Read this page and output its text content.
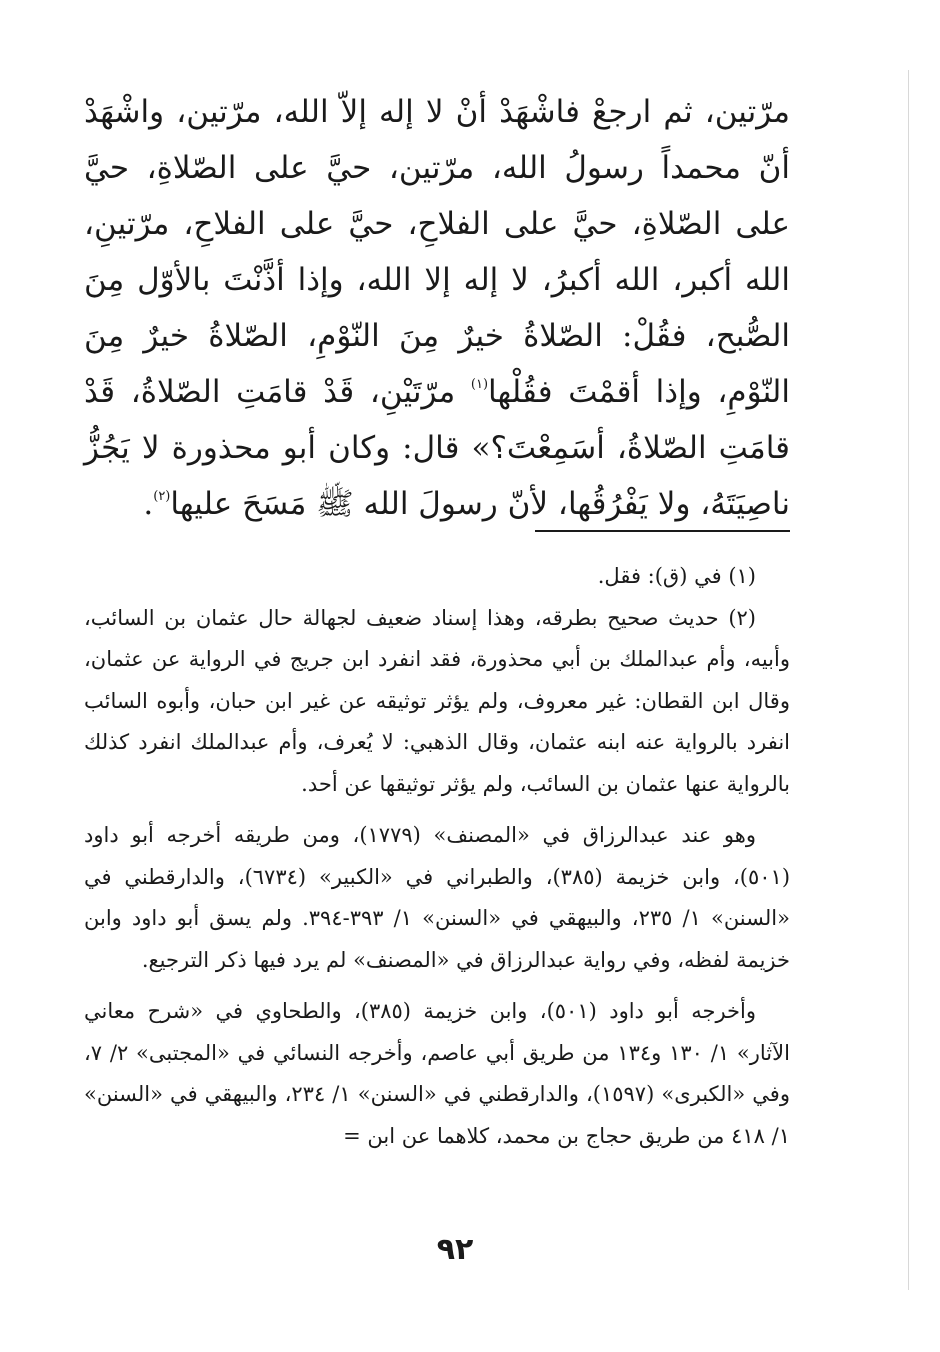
مرّتين، ثم ارجعْ فاشْهَدْ أنْ لا إله إلاّ الله، مرّتين، واشْهَدْ أنّ محمداً رسولُ الله، مرّتين، حيَّ على الصّلاةِ، حيَّ على الصّلاةِ، حيَّ على الفلاحِ، حيَّ على الفلاحِ، مرّتينِ، الله أكبر، الله أكبرُ، لا إله إلا الله، وإذا أذَّنْتَ بالأوّل مِنَ الصُّبح، فقُلْ: الصّلاةُ خيرٌ مِنَ النّوْمِ، الصّلاةُ خيرٌ مِنَ النّوْمِ، وإذا أقمْتَ فقُلْها$^{(١)}$ مرّتَيْنِ، قَدْ قامَتِ الصّلاةُ، قَدْ قامَتِ الصّلاةُ، أسَمِعْتَ؟» قال: وكان أبو محذورة لا يَجُزُّ ناصِيَتَهُ، ولا يَفْرُقُها، لأنّ رسولَ الله ﷺ مَسَحَ عليها$^{(٢)}$.

(١) في (ق): فقل.

(٢) حديث صحيح بطرقه، وهذا إسناد ضعيف لجهالة حال عثمان بن السائب، وأبيه، وأم عبدالملك بن أبي محذورة، فقد انفرد ابن جريج في الرواية عن عثمان، وقال ابن القطان: غير معروف، ولم يؤثر توثيقه عن غير ابن حبان، وأبوه السائب انفرد بالرواية عنه ابنه عثمان، وقال الذهبي: لا يُعرف، وأم عبدالملك انفرد كذلك بالرواية عنها عثمان بن السائب، ولم يؤثر توثيقها عن أحد.

وهو عند عبدالرزاق في «المصنف» (١٧٧٩)، ومن طريقه أخرجه أبو داود (٥٠١)، وابن خزيمة (٣٨٥)، والطبراني في «الكبير» (٦٧٣٤)، والدارقطني في «السنن» ١/ ٢٣٥، والبيهقي في «السنن» ١/ ٣٩٣-٣٩٤. ولم يسق أبو داود وابن خزيمة لفظه، وفي رواية عبدالرزاق في «المصنف» لم يرد فيها ذكر الترجيع.

وأخرجه أبو داود (٥٠١)، وابن خزيمة (٣٨٥)، والطحاوي في «شرح معاني الآثار» ١/ ١٣٠ و١٣٤ من طريق أبي عاصم، وأخرجه النسائي في «المجتبى» ٢/ ٧، وفي «الكبرى» (١٥٩٧)، والدارقطني في «السنن» ١/ ٢٣٤، والبيهقي في «السنن» ١/ ٤١٨ من طريق حجاج بن محمد، كلاهما عن ابن =

٩٢
